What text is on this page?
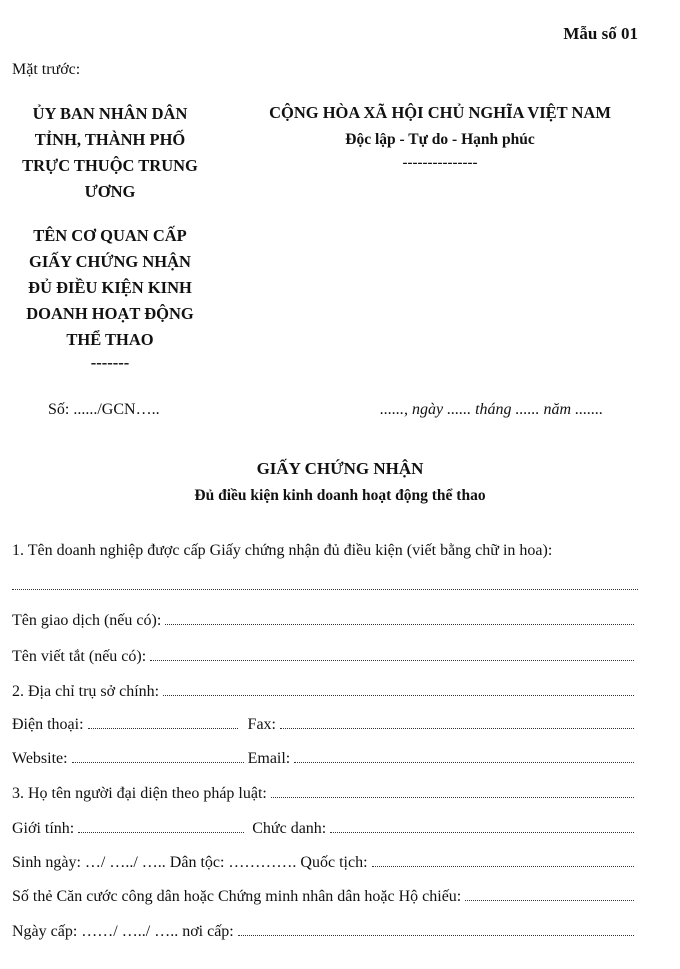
Mẫu số 01
Mặt trước:
ỦY BAN NHÂN DÂN
TỈNH, THÀNH PHỐ
TRỰC THUỘC TRUNG
ƯƠNG
TÊN CƠ QUAN CẤP
GIẤY CHỨNG NHẬN
ĐỦ ĐIỀU KIỆN KINH
DOANH HOẠT ĐỘNG
THỂ THAO
-------
CỘNG HÒA XÃ HỘI CHỦ NGHĨA VIỆT NAM
Độc lập - Tự do - Hạnh phúc
---------------
Số: ....../GCN…..	......, ngày ...... tháng ...... năm .......
GIẤY CHỨNG NHẬN
Đủ điều kiện kinh doanh hoạt động thể thao
1. Tên doanh nghiệp được cấp Giấy chứng nhận đủ điều kiện (viết bằng chữ in hoa):
Tên giao dịch (nếu có):
Tên viết tắt (nếu có):
2. Địa chỉ trụ sở chính:
Điện thoại:	Fax:
Website:	Email:
3. Họ tên người đại diện theo pháp luật:
Giới tính:	Chức danh:
Sinh ngày: …/ …../ ….. Dân tộc: …………. Quốc tịch:
Số thẻ Căn cước công dân hoặc Chứng minh nhân dân hoặc Hộ chiếu:
Ngày cấp: ……/ …../ ….. nơi cấp:
